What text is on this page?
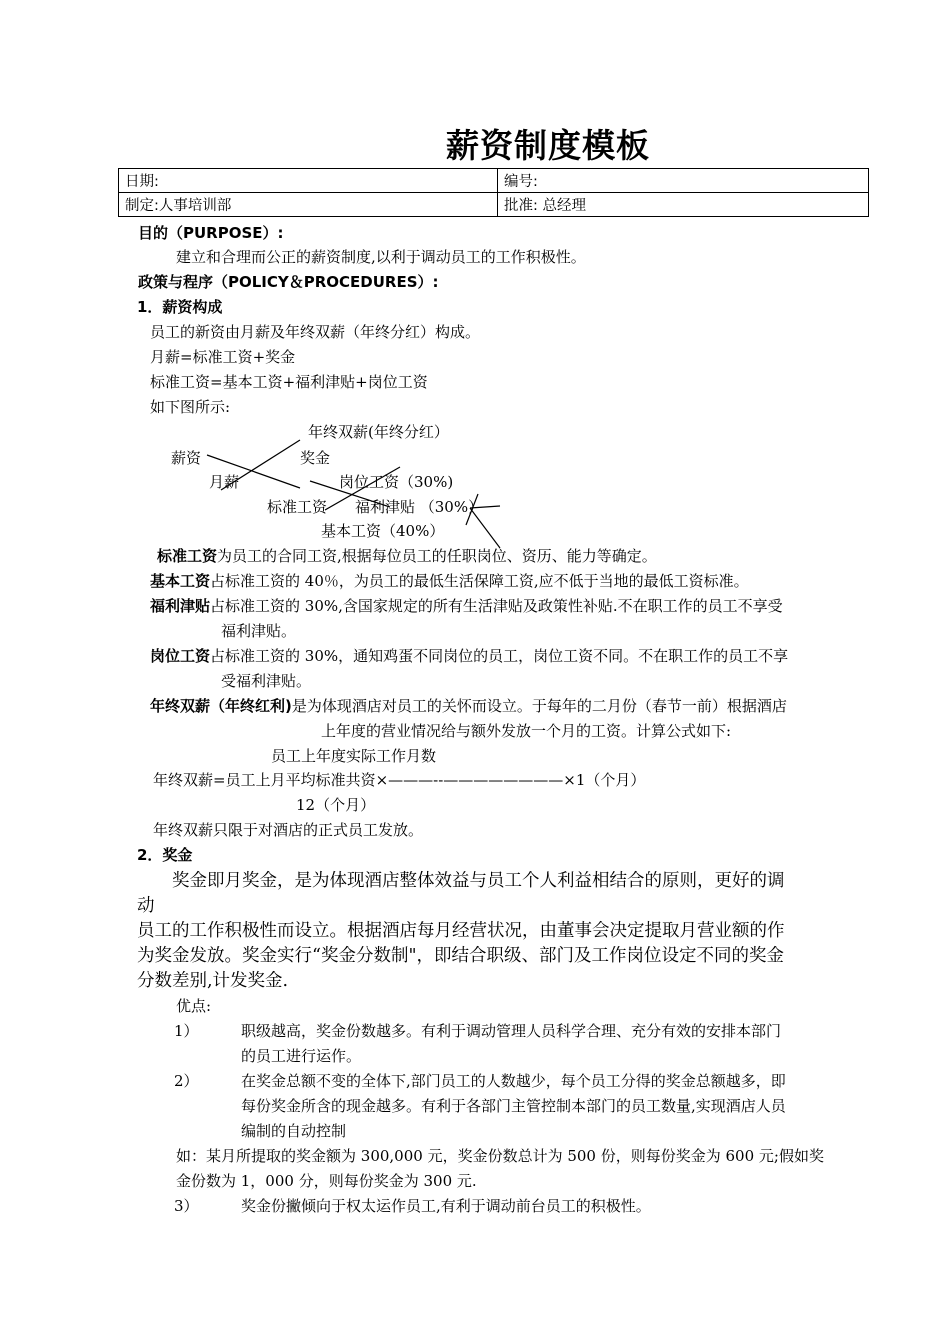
薪资制度模板
日期:	编号:
制定:人事培训部	批准: 总经理
目的（PURPOSE）:
建立和合理而公正的薪资制度,以利于调动员工的工作积极性。
政策与程序（POLICY＆PROCEDURES）:
1．薪资构成
员工的新资由月薪及年终双薪（年终分红）构成。
月薪=标准工资+奖金
标准工资=基本工资+福利津贴+岗位工资
如下图所示:
年终双薪(年终分红）
薪资	奖金
月薪	岗位工资（30%)
标准工资 福利津贴 （30%）
基本工资（40%）
标准工资为员工的合同工资,根据每位员工的任职岗位、资历、能力等确定。
基本工资占标准工资的 40％，为员工的最低生活保障工资,应不低于当地的最低工资标准。
福利津贴占标准工资的 30%,含国家规定的所有生活津贴及政策性补贴.不在职工作的员工不享受
福利津贴。
岗位工资占标准工资的 30%，通知鸡蛋不同岗位的员工，岗位工资不同。不在职工作的员工不享
受福利津贴。
年终双薪（年终红利)是为体现酒店对员工的关怀而设立。于每年的二月份（春节一前）根据酒店
上年度的营业情况给与额外发放一个月的工资。计算公式如下:
员工上年度实际工作月数
年终双薪=员工上月平均标准共资×———--————————×1（个月）
12（个月）
年终双薪只限于对酒店的正式员工发放。
2．奖金
奖金即月奖金，是为体现酒店整体效益与员工个人利益相结合的原则，更好的调
动
员工的工作积极性而设立。根据酒店每月经营状况，由董事会决定提取月营业额的作
为奖金发放。奖金实行“奖金分数制"，即结合职级、部门及工作岗位设定不同的奖金
分数差别,计发奖金.
优点:
1）	职级越高，奖金份数越多。有利于调动管理人员科学合理、充分有效的安排本部门
的员工进行运作。
2）	在奖金总额不变的全体下,部门员工的人数越少，每个员工分得的奖金总额越多，即
每份奖金所含的现金越多。有利于各部门主管控制本部门的员工数量,实现酒店人员
编制的自动控制
如：某月所提取的奖金额为 300,000 元，奖金份数总计为 500 份，则每份奖金为 600 元;假如奖
金份数为 1，000 分，则每份奖金为 300 元.
3）	奖金份撇倾向于权太运作员工,有利于调动前台员工的积极性。
